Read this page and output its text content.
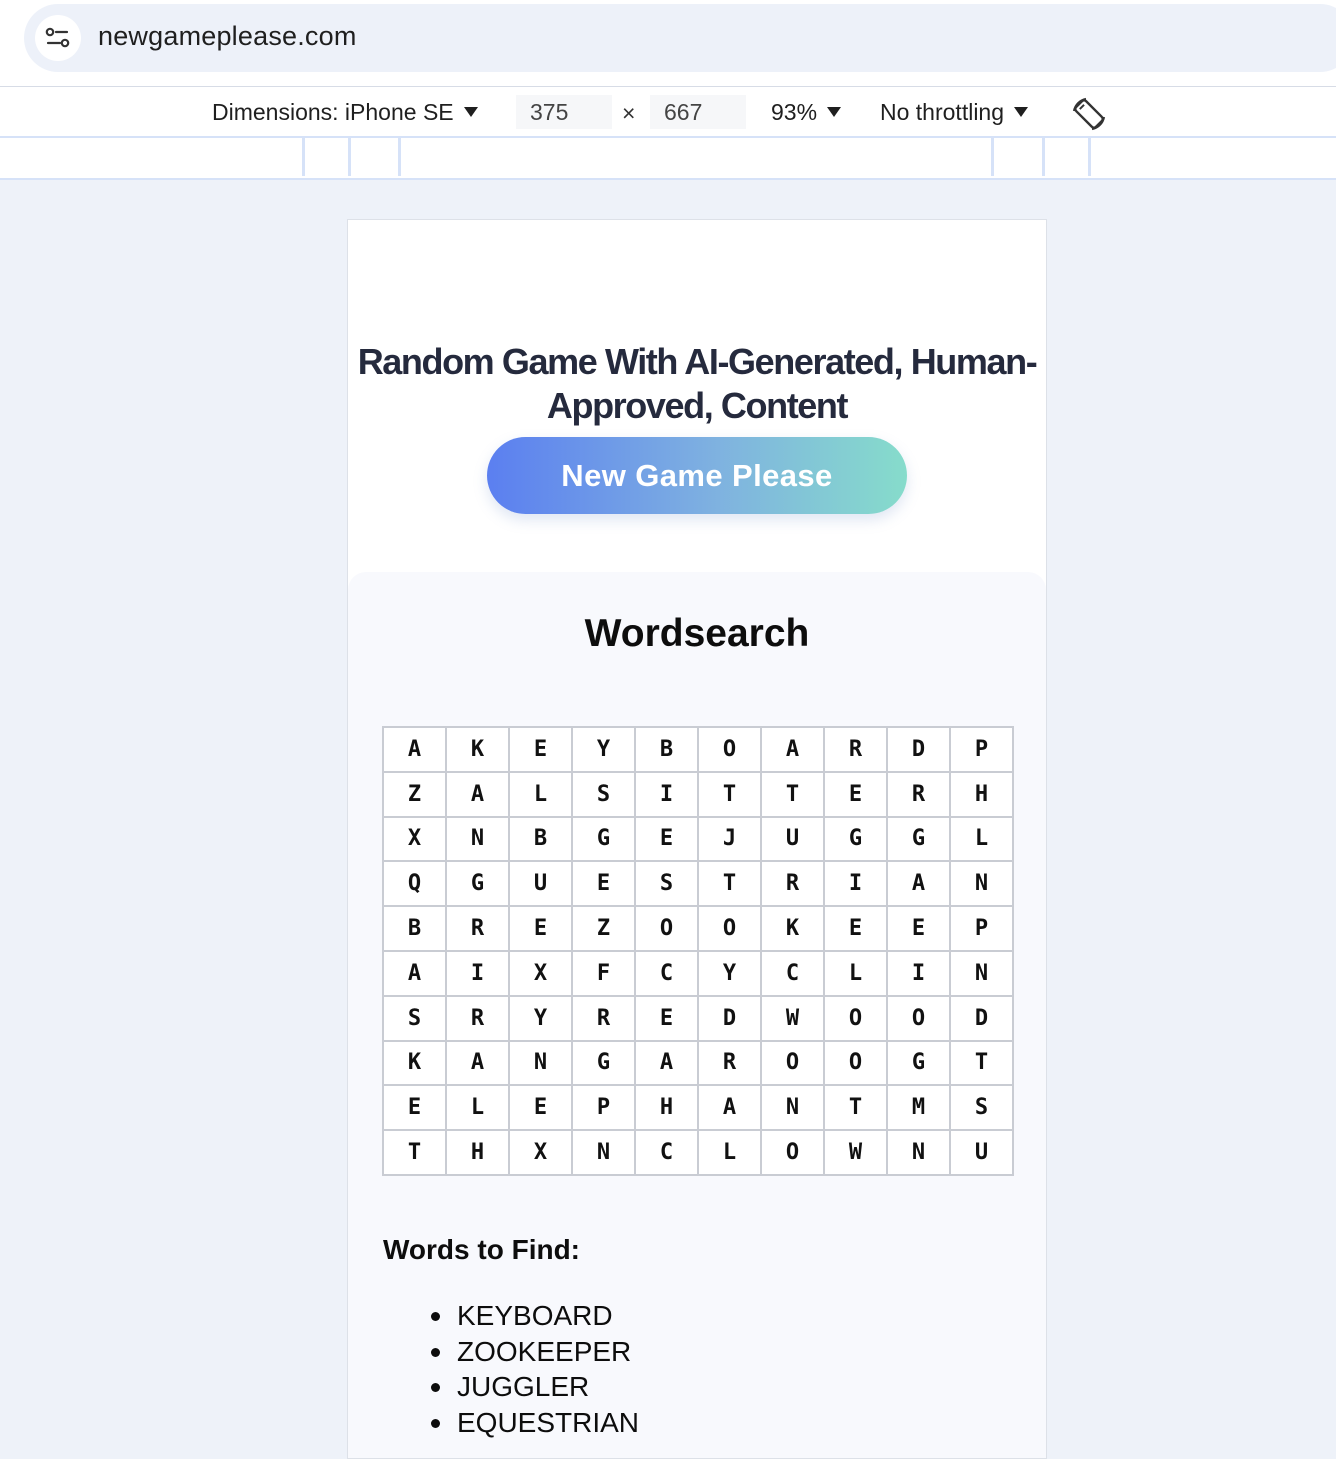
newgameplease.com
Dimensions: iPhone SE	375	×	667	93%	No throttling
Random Game With AI-Generated, Human-Approved, Content
New Game Please
Wordsearch
A	K	E	Y	B	O	A	R	D	P
Z	A	L	S	I	T	T	E	R	H
X	N	B	G	E	J	U	G	G	L
Q	G	U	E	S	T	R	I	A	N
B	R	E	Z	O	O	K	E	E	P
A	I	X	F	C	Y	C	L	I	N
S	R	Y	R	E	D	W	O	O	D
K	A	N	G	A	R	O	O	G	T
E	L	E	P	H	A	N	T	M	S
T	H	X	N	C	L	O	W	N	U
Words to Find:
KEYBOARD
ZOOKEEPER
JUGGLER
EQUESTRIAN
